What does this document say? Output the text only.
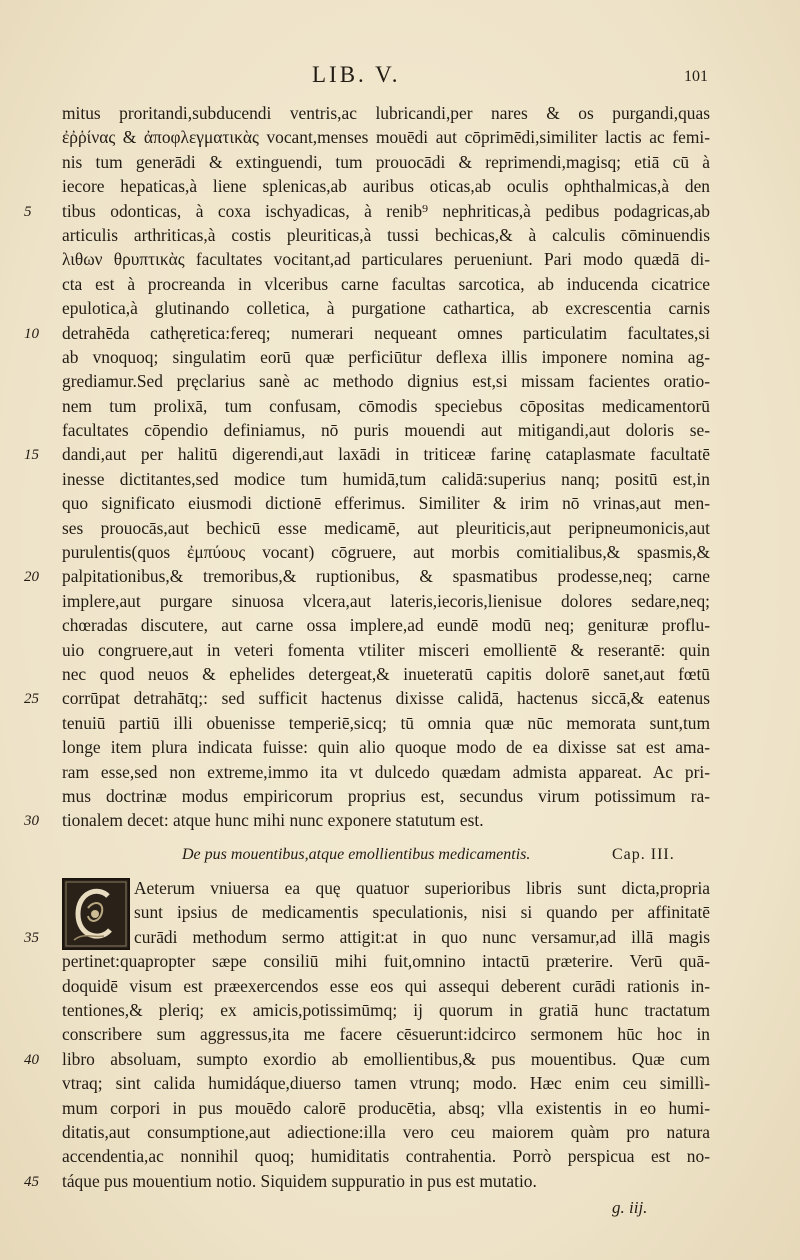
LIB. V.	101
mitus proritandi,subducendi ventris,ac lubricandi,per nares & os purgandi,quas
ἐῤῥίνας & ἀποφλεγματικὰς vocant,menses mouēdi aut cōprimēdi,similiter lactis ac femi-
nis tum generādi & extinguendi, tum prouocādi & reprimendi,magisq; etiā cū à
iecore hepaticas,à liene splenicas,ab auribus oticas,ab oculis ophthalmicas,à den
5 tibus odonticas, à coxa ischyadicas, à renib⁹ nephriticas,à pedibus podagricas,ab
articulis arthriticas,à costis pleuriticas,à tussi bechicas,& à calculis cōminuendis
λιθων θρυπτικὰς facultates vocitant,ad particulares perueniunt. Pari modo quædā di-
cta est à procreanda in vlceribus carne facultas sarcotica, ab inducenda cicatrice
epulotica,à glutinando colletica, à purgatione cathartica, ab excrescentia carnis
10 detrahēda cathęretica:fereq; numerari nequeant omnes particulatim facultates,si
ab vnoquoq; singulatim eorū quæ perficiūtur deflexa illis imponere nomina ag-
grediamur.Sed pręclarius sanè ac methodo dignius est,si missam facientes oratio-
nem tum prolixā, tum confusam, cōmodis speciebus cōpositas medicamentorū
facultates cōpendio definiamus, nō puris mouendi aut mitigandi,aut doloris se-
15 dandi,aut per halitū digerendi,aut laxādi in triticeæ farinę cataplasmate facultatē
inesse dictitantes,sed modice tum humidā,tum calidā:superius nanq; positū est,in
quo significato eiusmodi dictionē efferimus. Similiter & irim nō vrinas,aut men-
ses prouocās,aut bechicū esse medicamē, aut pleuriticis,aut peripneumonicis,aut
purulentis(quos ἐμπύους vocant) cōgruere, aut morbis comitialibus,& spasmis,&
20 palpitationibus,& tremoribus,& ruptionibus, & spasmatibus prodesse,neq; carne
implere,aut purgare sinuosa vlcera,aut lateris,iecoris,lienisue dolores sedare,neq;
chœradas discutere, aut carne ossa implere,ad eundē modū neq; genituræ proflu-
uio congruere,aut in veteri fomenta vtiliter misceri emollientē & reserantē: quin
nec quod neuos & ephelides detergeat,& inueteratū capitis dolorē sanet,aut fœtū
25 corrūpat detrahātq;: sed sufficit hactenus dixisse calidā, hactenus siccā,& eatenus
tenuiū partiū illi obuenisse temperiē,sicq; tū omnia quæ nūc memorata sunt,tum
longe item plura indicata fuisse: quin alio quoque modo de ea dixisse sat est ama-
ram esse,sed non extreme,immo ita vt dulcedo quædam admista appareat. Ac pri-
mus doctrinæ modus empiricorum proprius est, secundus virum potissimum ra-
30 tionalem decet: atque hunc mihi nunc exponere statutum est.
De pus mouentibus,atque emollientibus medicamentis.	Cap. III.
Aeterum vniuersa ea quę quatuor superioribus libris sunt dicta,propria
sunt ipsius de medicamentis speculationis, nisi si quando per affinitatē
35	curādi methodum sermo attigit:at in quo nunc versamur,ad illā magis
pertinet:quapropter sæpe consiliū mihi fuit,omnino intactū præterire. Verū quā-
doquidē visum est præexercendos esse eos qui assequi deberent curādi rationis in-
tentiones,& pleriq; ex amicis,potissimūmq; ij quorum in gratiā hunc tractatum
conscribere sum aggressus,ita me facere cēsuerunt:idcirco sermonem hūc hoc in
40 libro absoluam, sumpto exordio ab emollientibus,& pus mouentibus. Quæ cum
vtraq; sint calida humidáque,diuerso tamen vtrunq; modo. Hæc enim ceu simillì-
mum corpori in pus mouēdo calorē producētia, absq; vlla existentis in eo humi-
ditatis,aut consumptione,aut adiectione:illa vero ceu maiorem quàm pro natura
accendentia,ac nonnihil quoq; humiditatis contrahentia. Porrò perspicua est no-
45 táque pus mouentium notio. Siquidem suppuratio in pus est mutatio.
g. iij.
